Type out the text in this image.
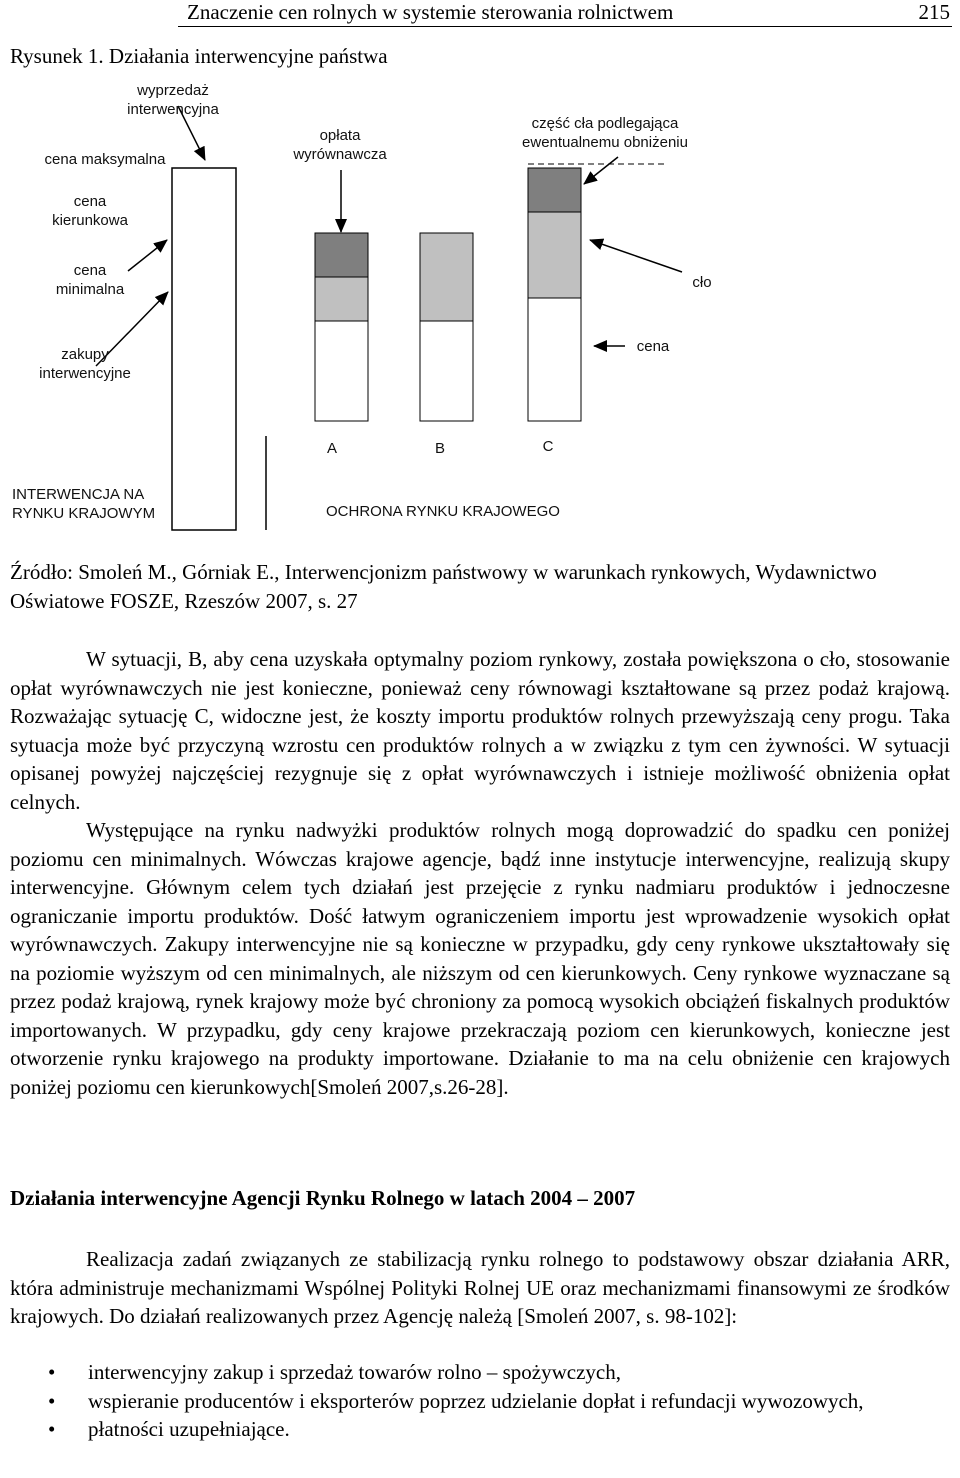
Znaczenie cen rolnych w systemie sterowania rolnictwem	215
Rysunek 1. Działania interwencyjne państwa
wyprzedaż
interwencyjna
cena maksymalna
opłata
wyrównawcza
część cła podlegająca
ewentualnemu obniżeniu
cena
kierunkowa
cena
minimalna	cło
zakupy
interwencyjne
cena
A	B	C
INTERWENCJA NA
RYNKU KRAJOWYM	OCHRONA RYNKU KRAJOWEGO
Źródło: Smoleń M., Górniak E., Interwencjonizm państwowy w warunkach rynkowych, Wydawnictwo Oświatowe FOSZE, Rzeszów 2007, s. 27

W sytuacji, B, aby cena uzyskała optymalny poziom rynkowy, została powiększona o cło, stosowanie opłat wyrównawczych nie jest konieczne, ponieważ ceny równowagi kształtowane są przez podaż krajową. Rozważając sytuację C, widoczne jest, że koszty importu produktów rolnych przewyższają ceny progu. Taka sytuacja może być przyczyną wzrostu cen produktów rolnych a w związku z tym cen żywności. W sytuacji opisanej powyżej najczęściej rezygnuje się z opłat wyrównawczych i istnieje możliwość obniżenia opłat celnych.

Występujące na rynku nadwyżki produktów rolnych mogą doprowadzić do spadku cen poniżej poziomu cen minimalnych. Wówczas krajowe agencje, bądź inne instytucje interwencyjne, realizują skupy interwencyjne. Głównym celem tych działań jest przejęcie z rynku nadmiaru produktów i jednoczesne ograniczanie importu produktów. Dość łatwym ograniczeniem importu jest wprowadzenie wysokich opłat wyrównawczych. Zakupy interwencyjne nie są konieczne w przypadku, gdy ceny rynkowe ukształtowały się na poziomie wyższym od cen minimalnych, ale niższym od cen kierunkowych. Ceny rynkowe wyznaczane są przez podaż krajową, rynek krajowy może być chroniony za pomocą wysokich obciążeń fiskalnych produktów importowanych. W przypadku, gdy ceny krajowe przekraczają poziom cen kierunkowych, konieczne jest otworzenie rynku krajowego na produkty importowane. Działanie to ma na celu obniżenie cen krajowych poniżej poziomu cen kierunkowych[Smoleń 2007,s.26-28].

Działania interwencyjne Agencji Rynku Rolnego w latach 2004 – 2007

Realizacja zadań związanych ze stabilizacją rynku rolnego to podstawowy obszar działania ARR, która administruje mechanizmami Wspólnej Polityki Rolnej UE oraz mechanizmami finansowymi ze środków krajowych. Do działań realizowanych przez Agencję należą [Smoleń 2007, s. 98-102]:

• interwencyjny zakup i sprzedaż towarów rolno – spożywczych,
• wspieranie producentów i eksporterów poprzez udzielanie dopłat i refundacji wywozowych,
• płatności uzupełniające.
